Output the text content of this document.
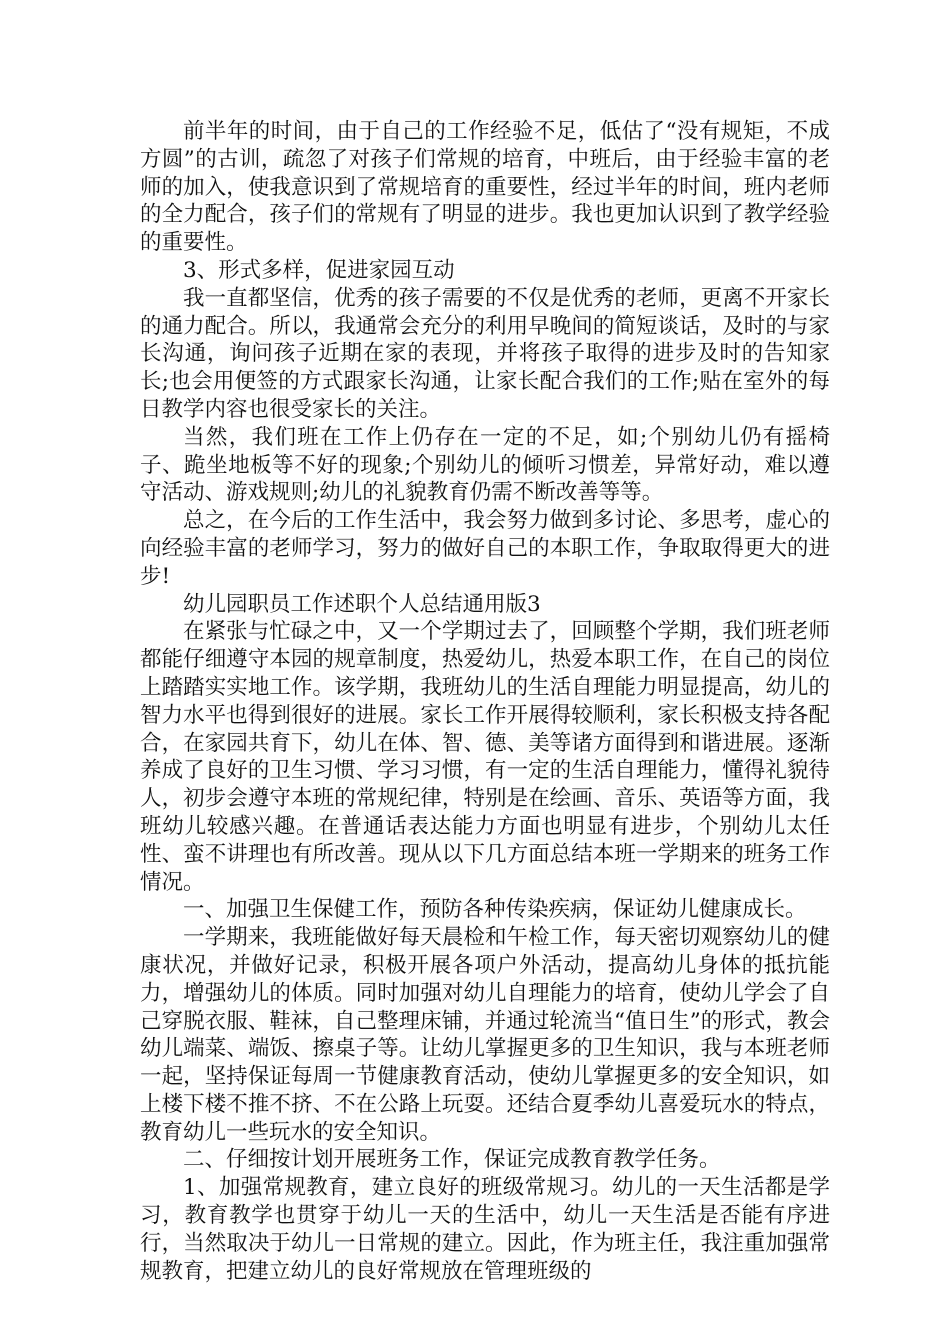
前半年的时间，由于自己的工作经验不足，低估了“没有规矩，不成方圆”的古训，疏忽了对孩子们常规的培育，中班后，由于经验丰富的老师的加入，使我意识到了常规培育的重要性，经过半年的时间，班内老师的全力配合，孩子们的常规有了明显的进步。我也更加认识到了教学经验的重要性。

3、形式多样，促进家园互动

我一直都坚信，优秀的孩子需要的不仅是优秀的老师，更离不开家长的通力配合。所以，我通常会充分的利用早晚间的简短谈话，及时的与家长沟通，询问孩子近期在家的表现，并将孩子取得的进步及时的告知家长;也会用便签的方式跟家长沟通，让家长配合我们的工作;贴在室外的每日教学内容也很受家长的关注。

当然，我们班在工作上仍存在一定的不足，如;个别幼儿仍有摇椅子、跪坐地板等不好的现象;个别幼儿的倾听习惯差，异常好动，难以遵守活动、游戏规则;幼儿的礼貌教育仍需不断改善等等。

总之，在今后的工作生活中，我会努力做到多讨论、多思考，虚心的向经验丰富的老师学习，努力的做好自己的本职工作，争取取得更大的进步!

幼儿园职员工作述职个人总结通用版3

在紧张与忙碌之中，又一个学期过去了，回顾整个学期，我们班老师都能仔细遵守本园的规章制度，热爱幼儿，热爱本职工作，在自己的岗位上踏踏实实地工作。该学期，我班幼儿的生活自理能力明显提高，幼儿的智力水平也得到很好的进展。家长工作开展得较顺利，家长积极支持各配合，在家园共育下，幼儿在体、智、德、美等诸方面得到和谐进展。逐渐养成了良好的卫生习惯、学习习惯，有一定的生活自理能力，懂得礼貌待人，初步会遵守本班的常规纪律，特别是在绘画、音乐、英语等方面，我班幼儿较感兴趣。在普通话表达能力方面也明显有进步，个别幼儿太任性、蛮不讲理也有所改善。现从以下几方面总结本班一学期来的班务工作情况。

一、加强卫生保健工作，预防各种传染疾病，保证幼儿健康成长。

一学期来，我班能做好每天晨检和午检工作，每天密切观察幼儿的健康状况，并做好记录，积极开展各项户外活动，提高幼儿身体的抵抗能力，增强幼儿的体质。同时加强对幼儿自理能力的培育，使幼儿学会了自己穿脱衣服、鞋袜，自己整理床铺，并通过轮流当“值日生”的形式，教会幼儿端菜、端饭、擦桌子等。让幼儿掌握更多的卫生知识，我与本班老师一起，坚持保证每周一节健康教育活动，使幼儿掌握更多的安全知识，如上楼下楼不推不挤、不在公路上玩耍。还结合夏季幼儿喜爱玩水的特点，教育幼儿一些玩水的安全知识。

二、仔细按计划开展班务工作，保证完成教育教学任务。

1、加强常规教育，建立良好的班级常规习。幼儿的一天生活都是学习，教育教学也贯穿于幼儿一天的生活中，幼儿一天生活是否能有序进行，当然取决于幼儿一日常规的建立。因此，作为班主任，我注重加强常规教育，把建立幼儿的良好常规放在管理班级的
